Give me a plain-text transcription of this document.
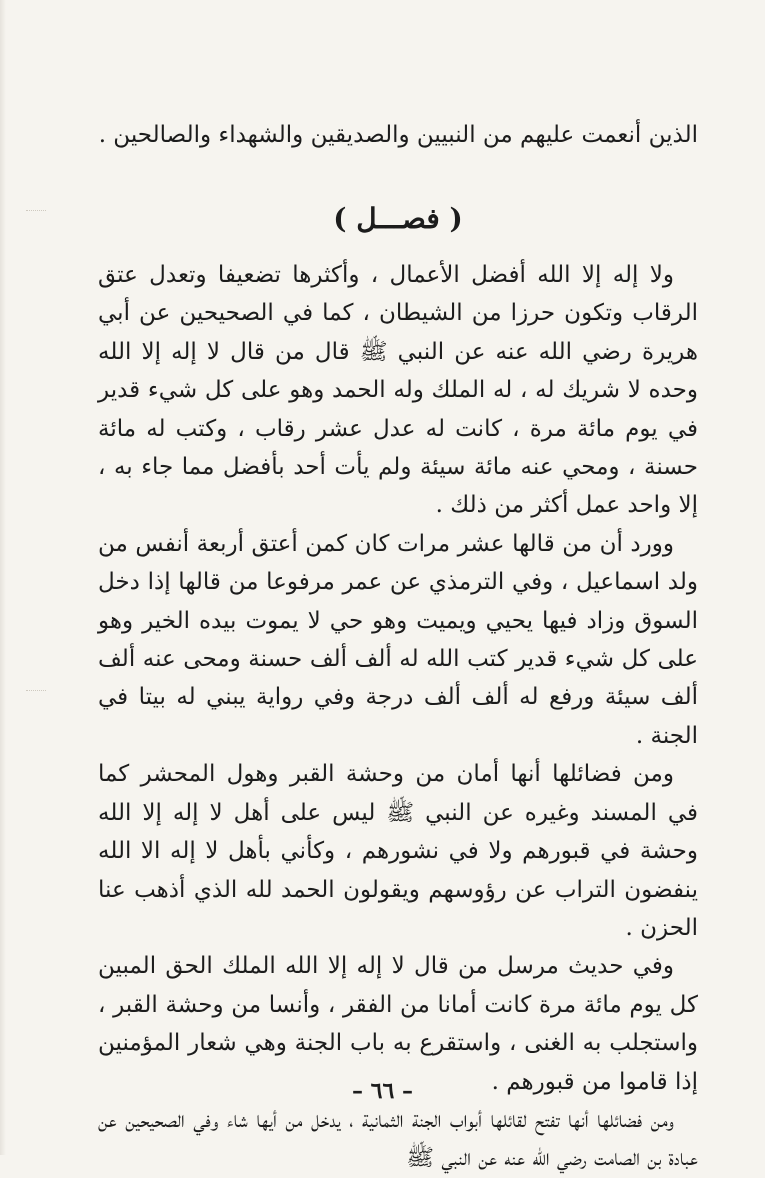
الذين أنعمت عليهم من النبيين والصديقين والشهداء والصالحين .
( فصـــل )

ولا إله إلا الله أفضل الأعمال ، وأكثرها تضعيفا وتعدل عتق الرقاب وتكون حرزا من الشيطان ، كما في الصحيحين عن أبي هريرة رضي الله عنه عن النبي ﷺ قال من قال لا إله إلا الله وحده لا شريك له ، له الملك وله الحمد وهو على كل شيء قدير في يوم مائة مرة ، كانت له عدل عشر رقاب ، وكتب له مائة حسنة ، ومحي عنه مائة سيئة ولم يأت أحد بأفضل مما جاء به ، إلا واحد عمل أكثر من ذلك .

وورد أن من قالها عشر مرات كان كمن أعتق أربعة أنفس من ولد اسماعيل ، وفي الترمذي عن عمر مرفوعا من قالها إذا دخل السوق وزاد فيها يحيي ويميت وهو حي لا يموت بيده الخير وهو على كل شيء قدير كتب الله له ألف ألف حسنة ومحى عنه ألف ألف سيئة ورفع له ألف ألف درجة وفي رواية يبني له بيتا في الجنة .

ومن فضائلها أنها أمان من وحشة القبر وهول المحشر كما في المسند وغيره عن النبي ﷺ ليس على أهل لا إله إلا الله وحشة في قبورهم ولا في نشورهم ، وكأني بأهل لا إله الا الله ينفضون التراب عن رؤوسهم ويقولون الحمد لله الذي أذهب عنا الحزن .

وفي حديث مرسل من قال لا إله إلا الله الملك الحق المبين كل يوم مائة مرة كانت أمانا من الفقر ، وأنسا من وحشة القبر ، واستجلب به الغنى ، واستقرع به باب الجنة وهي شعار المؤمنين إذا قاموا من قبورهم .

ومن فضائلها أنها تفتح لقائلها أبواب الجنة الثمانية ، يدخل من أيها شاء وفي الصحيحين عن عبادة بن الصامت رضي الله عنه عن النبي ﷺ

– ٦٦ –
